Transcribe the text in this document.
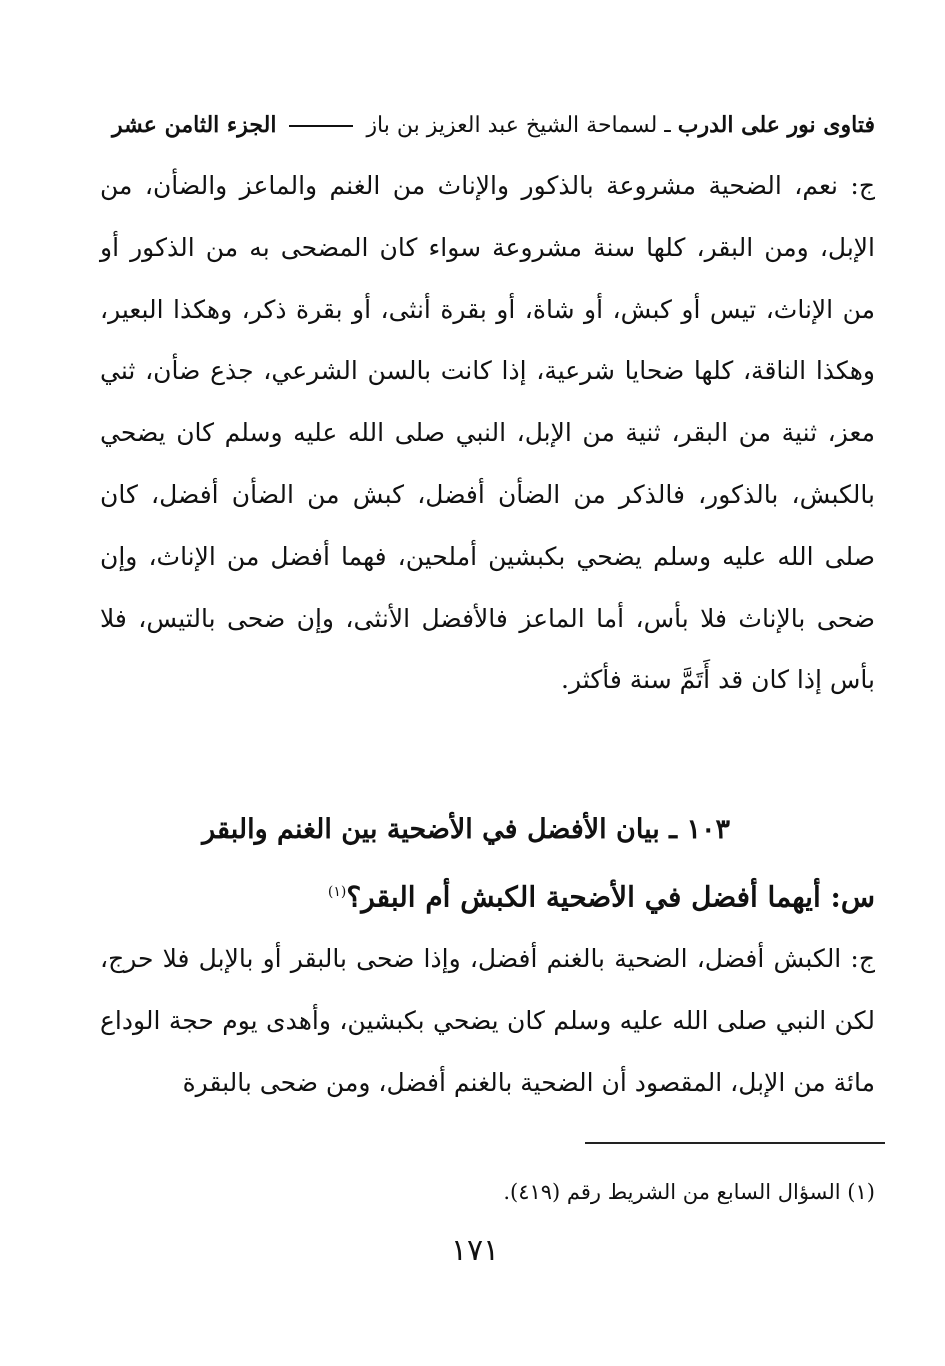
فتاوى نور على الدرب ـ لسماحة الشيخ عبد العزيز بن باز  الجزء الثامن عشر

ج: نعم، الضحية مشروعة بالذكور والإناث من الغنم والماعز والضأن، من الإبل، ومن البقر، كلها سنة مشروعة سواء كان المضحى به من الذكور أو من الإناث، تيس أو كبش، أو شاة، أو بقرة أنثى، أو بقرة ذكر، وهكذا البعير، وهكذا الناقة، كلها ضحايا شرعية، إذا كانت بالسن الشرعي، جذع ضأن، ثني معز، ثنية من البقر، ثنية من الإبل، النبي صلى الله عليه وسلم كان يضحي بالكبش، بالذكور، فالذكر من الضأن أفضل، كبش من الضأن أفضل، كان صلى الله عليه وسلم يضحي بكبشين أملحين، فهما أفضل من الإناث، وإن ضحى بالإناث فلا بأس، أما الماعز فالأفضل الأنثى، وإن ضحى بالتيس، فلا بأس إذا كان قد أَتَمَّ سنة فأكثر.

١٠٣ ـ بيان الأفضل في الأضحية بين الغنم والبقر
س: أيهما أفضل في الأضحية الكبش أم البقر؟$^{(١)}$

ج: الكبش أفضل، الضحية بالغنم أفضل، وإذا ضحى بالبقر أو بالإبل فلا حرج، لكن النبي صلى الله عليه وسلم كان يضحي بكبشين، وأهدى يوم حجة الوداع مائة من الإبل، المقصود أن الضحية بالغنم أفضل، ومن ضحى بالبقرة

(١) السؤال السابع من الشريط رقم (٤١٩).
١٧١
